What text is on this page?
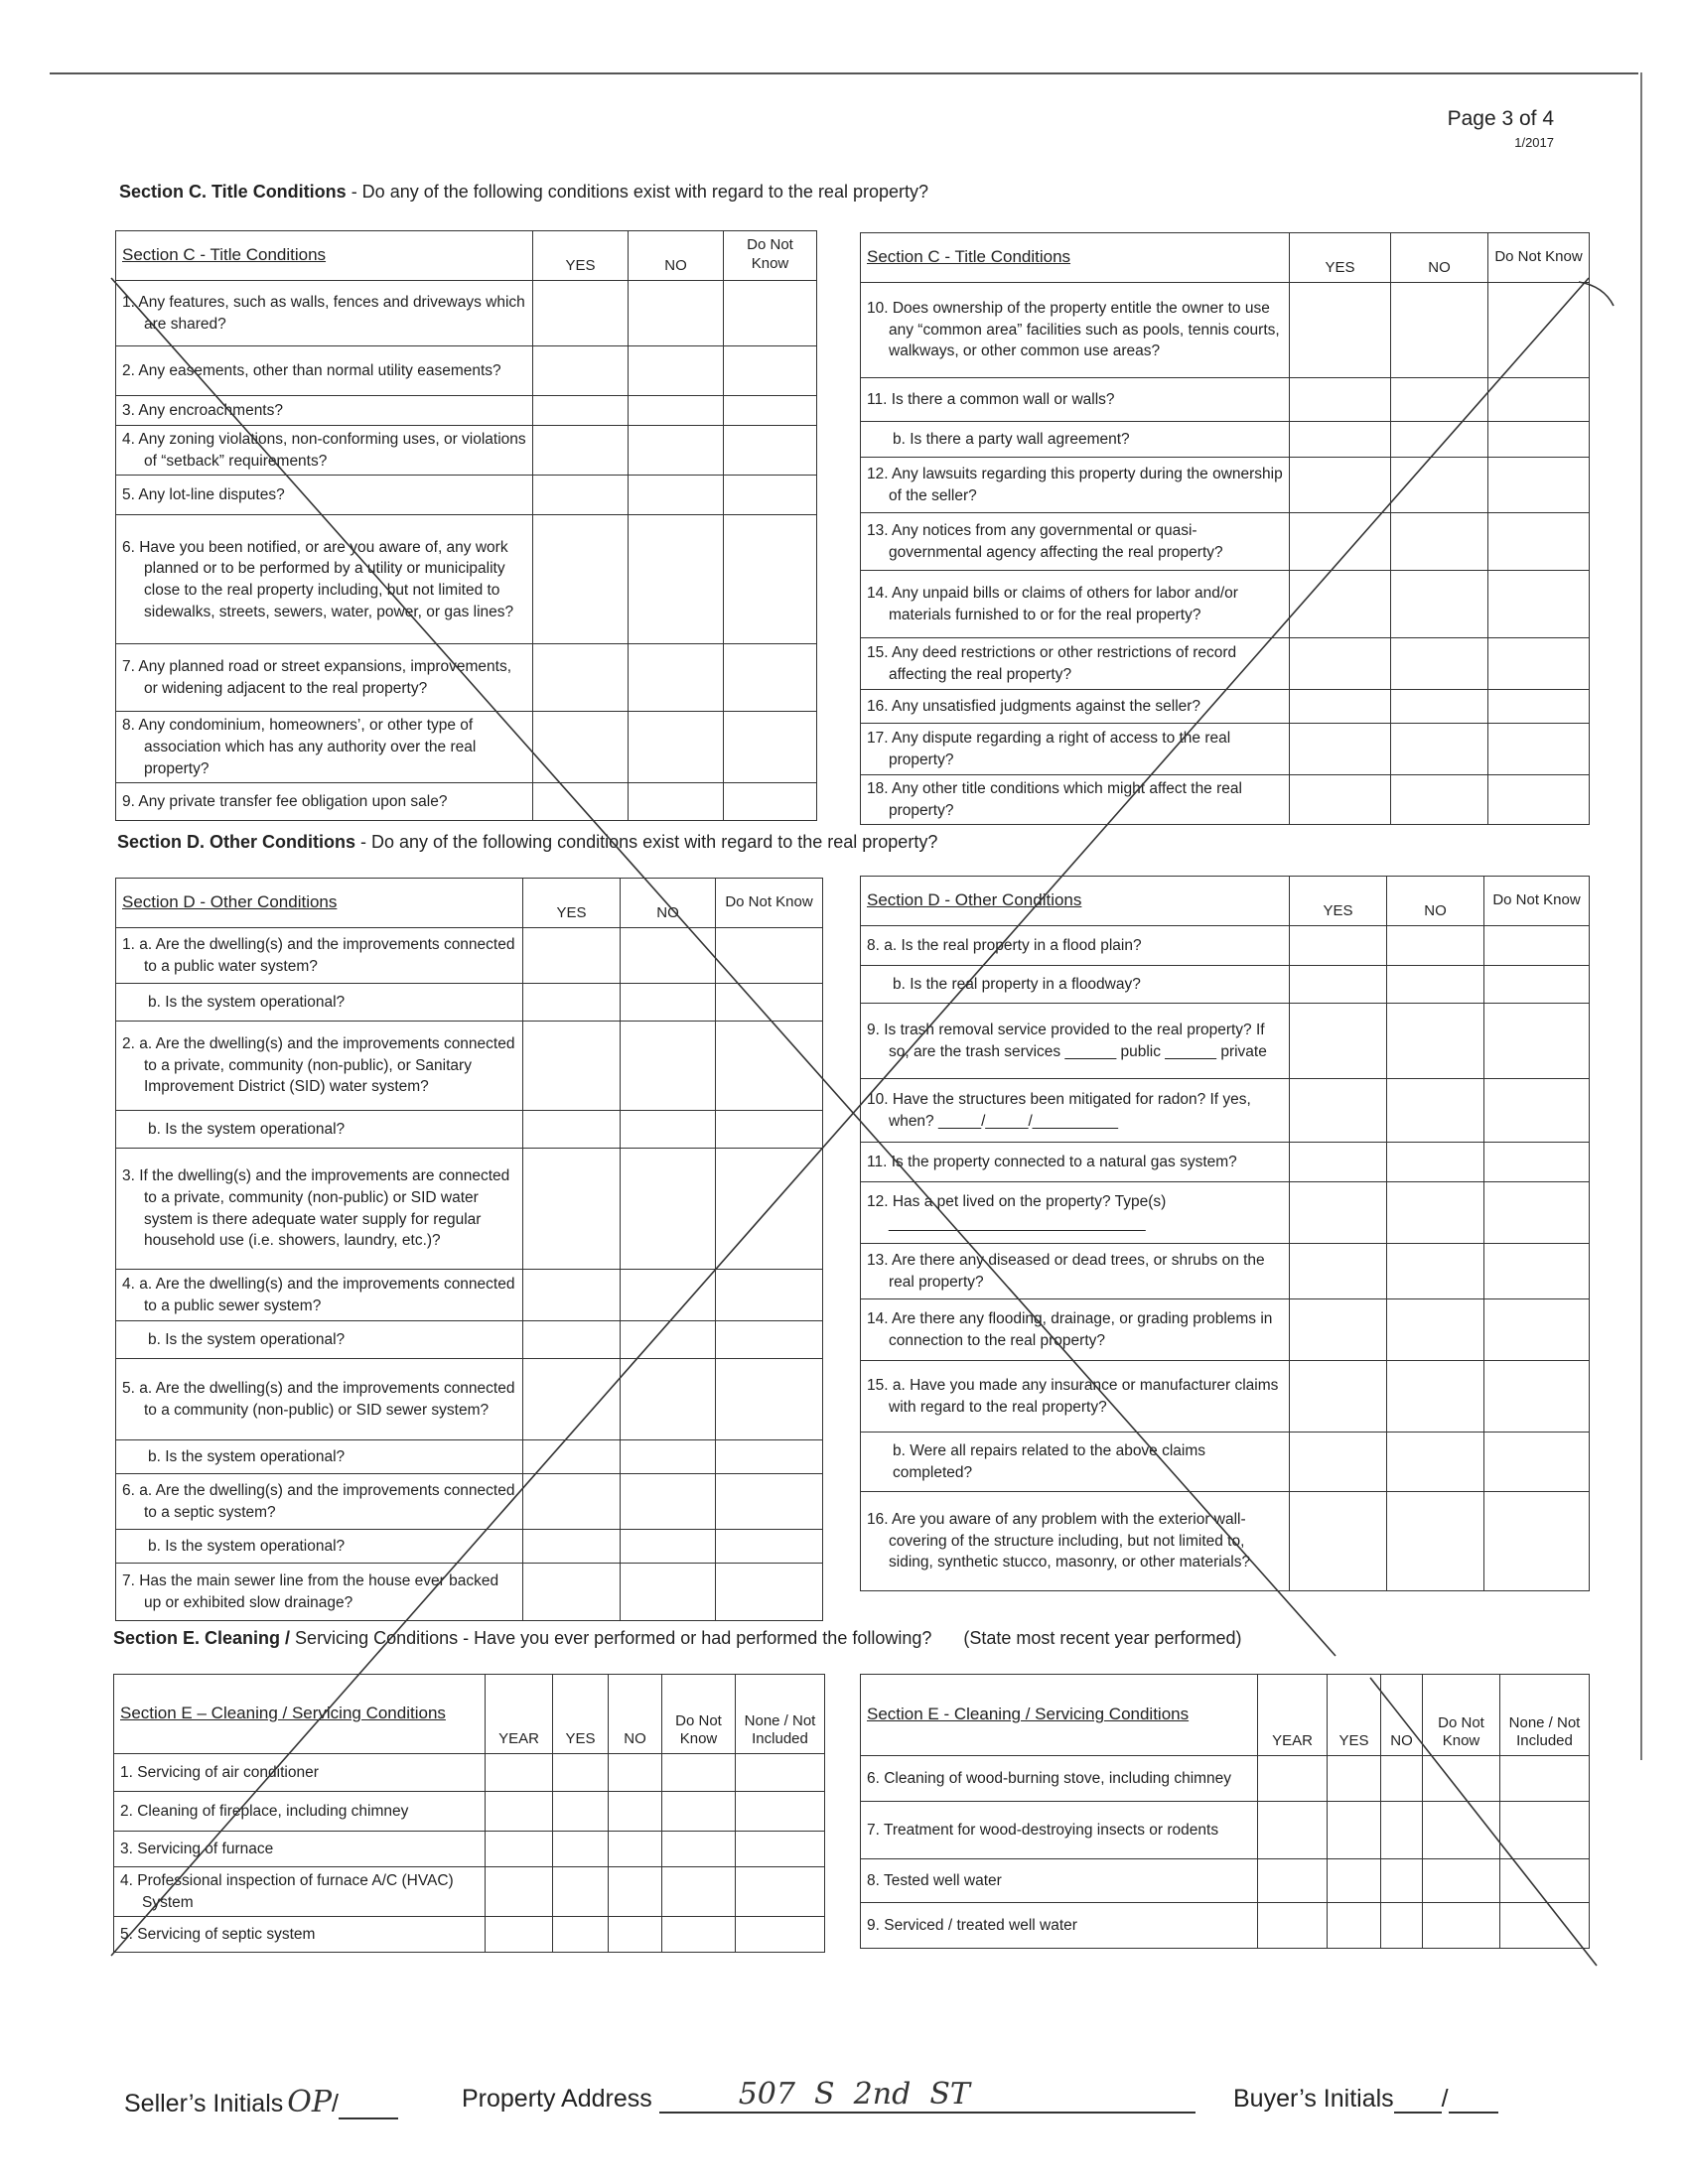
Page 3 of 4
1/2017
Section C. Title Conditions - Do any of the following conditions exist with regard to the real property?
Section C - Title Conditions	YES	NO	Do Not Know

1. Any features, such as walls, fences and driveways which are shared?			

2. Any easements, other than normal utility easements?			

3. Any encroachments?			

4. Any zoning violations, non-conforming uses, or violations of “setback” requirements?			

5. Any lot-line disputes?			

6. Have you been notified, or are you aware of, any work planned or to be performed by a utility or municipality close to the real property including, but not limited to sidewalks, streets, sewers, water, power, or gas lines?			

7. Any planned road or street expansions, improvements, or widening adjacent to the real property?			

8. Any condominium, homeowners’, or other type of association which has any authority over the real property?			

9. Any private transfer fee obligation upon sale?			

Section C - Title Conditions	YES	NO	Do Not Know

10. Does ownership of the property entitle the owner to use any “common area” facilities such as pools, tennis courts, walkways, or other common use areas?			

11. Is there a common wall or walls?			

b. Is there a party wall agreement?			

12. Any lawsuits regarding this property during the ownership of the seller?			

13. Any notices from any governmental or quasi-governmental agency affecting the real property?			

14. Any unpaid bills or claims of others for labor and/or materials furnished to or for the real property?			

15. Any deed restrictions or other restrictions of record affecting the real property?			

16. Any unsatisfied judgments against the seller?			

17. Any dispute regarding a right of access to the real property?			

18. Any other title conditions which might affect the real property?			

Section D. Other Conditions - Do any of the following conditions exist with regard to the real property?
Section D - Other Conditions	YES	NO	Do Not Know

1. a. Are the dwelling(s) and the improvements connected to a public water system?			

b. Is the system operational?			

2. a. Are the dwelling(s) and the improvements connected to a private, community (non-public), or Sanitary Improvement District (SID) water system?			

b. Is the system operational?			

3. If the dwelling(s) and the improvements are connected to a private, community (non-public) or SID water system is there adequate water supply for regular household use (i.e. showers, laundry, etc.)?			

4. a. Are the dwelling(s) and the improvements connected to a public sewer system?			

b. Is the system operational?			

5. a. Are the dwelling(s) and the improvements connected to a community (non-public) or SID sewer system?			

b. Is the system operational?			

6. a. Are the dwelling(s) and the improvements connected to a septic system?			

b. Is the system operational?			

7. Has the main sewer line from the house ever backed up or exhibited slow drainage?			

Section D - Other Conditions	YES	NO	Do Not Know

8. a. Is the real property in a flood plain?			

b. Is the real property in a floodway?			

9. Is trash removal service provided to the real property? If so, are the trash services ______ public ______ private			

10. Have the structures been mitigated for radon? If yes, when? _____/_____/__________			

11. Is the property connected to a natural gas system?			

12. Has a pet lived on the property? Type(s) ______________________________			

13. Are there any diseased or dead trees, or shrubs on the real property?			

14. Are there any flooding, drainage, or grading problems in connection to the real property?			

15. a. Have you made any insurance or manufacturer claims with regard to the real property?			

b. Were all repairs related to the above claims completed?			

16. Are you aware of any problem with the exterior wall-covering of the structure including, but not limited to, siding, synthetic stucco, masonry, or other materials?			

Section E. Cleaning / Servicing Conditions - Have you ever performed or had performed the following? (State most recent year performed)
Section E – Cleaning / Servicing Conditions	YEAR	YES	NO	Do Not Know	None / Not Included

1. Servicing of air conditioner					

2. Cleaning of fireplace, including chimney					

3. Servicing of furnace					

4. Professional inspection of furnace A/C (HVAC) System					

5. Servicing of septic system					

Section E - Cleaning / Servicing Conditions	YEAR	YES	NO	Do Not Know	None / Not Included

6. Cleaning of wood-burning stove, including chimney					

7. Treatment for wood-destroying insects or rodents					

8. Tested well water					

9. Serviced / treated well water					

Seller’s Initials OP/	Property Address	507  S  2nd  ST	Buyer’s Initials /
